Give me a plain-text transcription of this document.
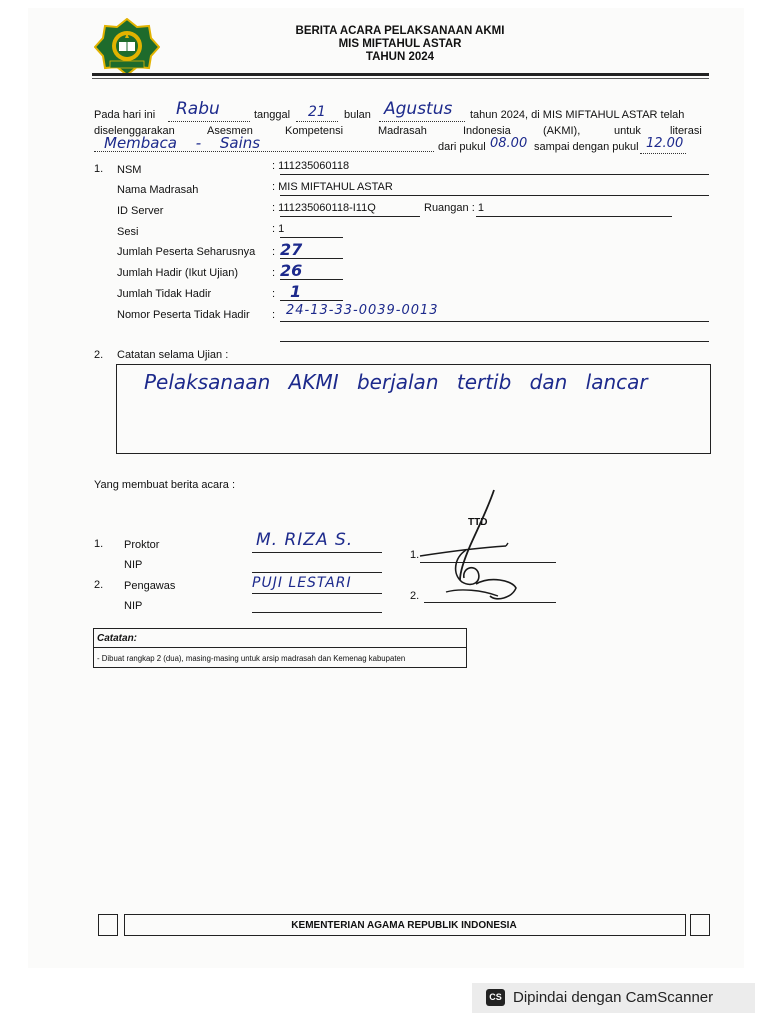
BERITA ACARA PELAKSANAAN AKMI
MIS MIFTAHUL ASTAR
TAHUN 2024
Pada hari ini Rabu	tanggal 21 bulan Agustus tahun 2024, di MIS MIFTAHUL ASTAR telah
diselenggarakan	Asesmen	Kompetensi	Madrasah	Indonesia	(AKMI),	untuk	literasi
Membaca - Sains	dari pukul 08.00 sampai dengan pukul 12.00
1. NSM	: 111235060118
Nama Madrasah	: MIS MIFTAHUL ASTAR
ID Server	: 111235060118-I11Q	Ruangan : 1
Sesi	: 1
Jumlah Peserta Seharusnya : 27
Jumlah Hadir (Ikut Ujian)	: 26
Jumlah Tidak Hadir	: 1
Nomor Peserta Tidak Hadir : 24-13-33-0039-0013
2. Catatan selama Ujian :
Pelaksanaan AKMI berjalan tertib dan lancar
Yang membuat berita acara :
TTD
1. Proktor	M. RIZA S.
NIP
2. Pengawas	PUJI LESTARI
NIP
1.
2.
Catatan:
- Dibuat rangkap 2 (dua), masing-masing untuk arsip madrasah dan Kemenag kabupaten
KEMENTERIAN AGAMA REPUBLIK INDONESIA
CS Dipindai dengan CamScanner
